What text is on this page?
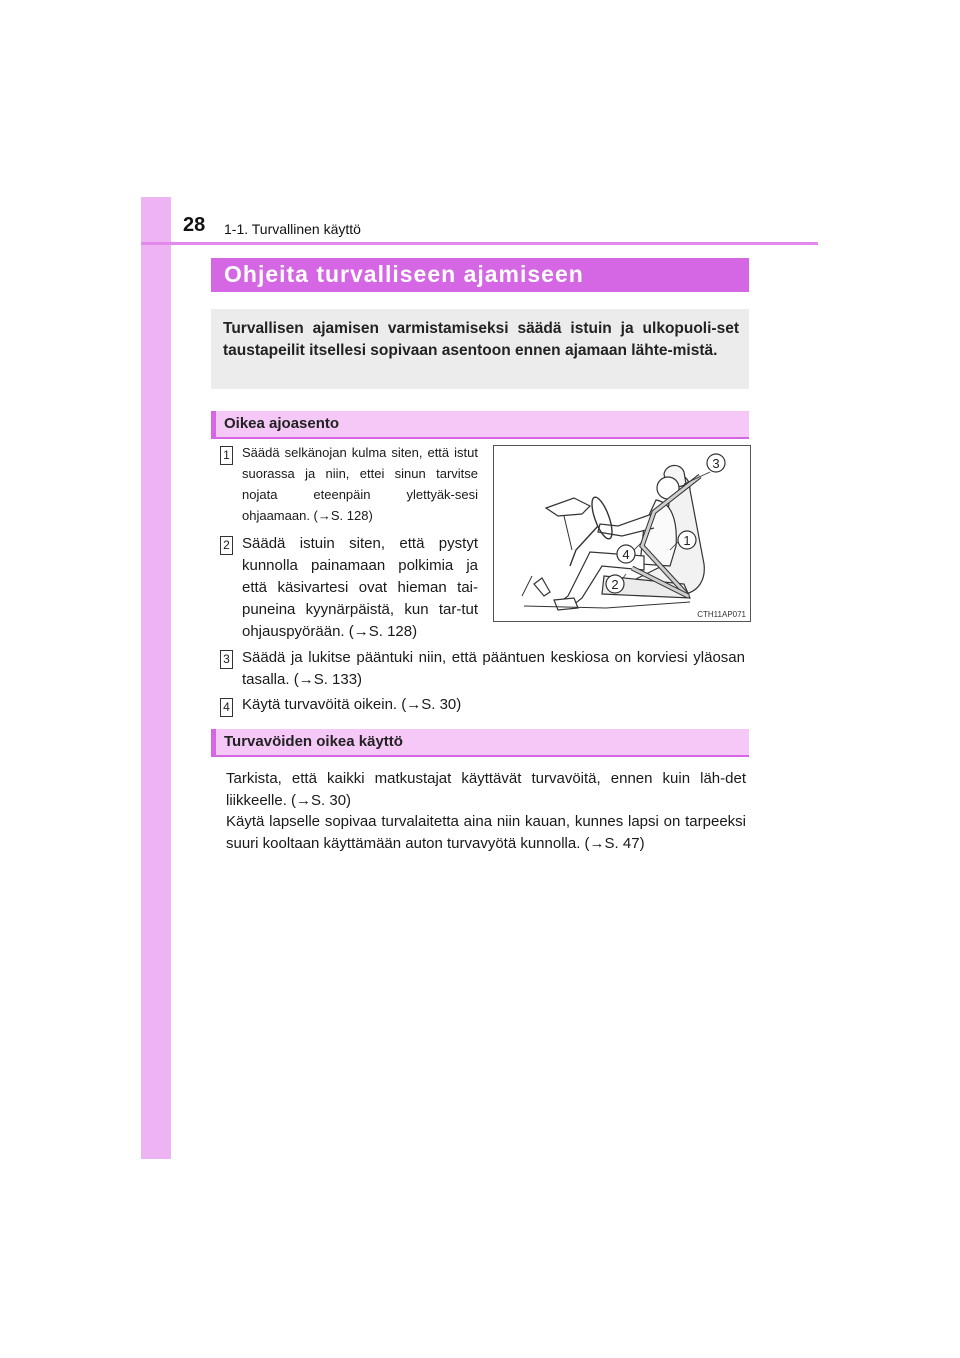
28 1-1. Turvallinen käyttö
Ohjeita turvalliseen ajamiseen

Turvallisen ajamisen varmistamiseksi säädä istuin ja ulkopuoli-set taustapeilit itsellesi sopivaan asentoon ennen ajamaan lähte-mistä.

Oikea ajoasento
1 Säädä selkänojan kulma siten, että istut suorassa ja niin, ettei sinun tarvitse nojata eteenpäin ylettyäk-sesi ohjaamaan. (→S. 128)
2 Säädä istuin siten, että pystyt kunnolla painamaan polkimia ja että käsivartesi ovat hieman tai-puneina kyynärpäistä, kun tar-tut ohjauspyörään. (→S. 128)
3
1
4
2
CTH11AP071
3 Säädä ja lukitse pääntuki niin, että pääntuen keskiosa on korviesi yläosan tasalla. (→S. 133)
4 Käytä turvavöitä oikein. (→S. 30)
Turvavöiden oikea käyttö
Tarkista, että kaikki matkustajat käyttävät turvavöitä, ennen kuin läh-det liikkeelle. (→S. 30)
Käytä lapselle sopivaa turvalaitetta aina niin kauan, kunnes lapsi on tarpeeksi suuri kooltaan käyttämään auton turvavyötä kunnolla. (→S. 47)
